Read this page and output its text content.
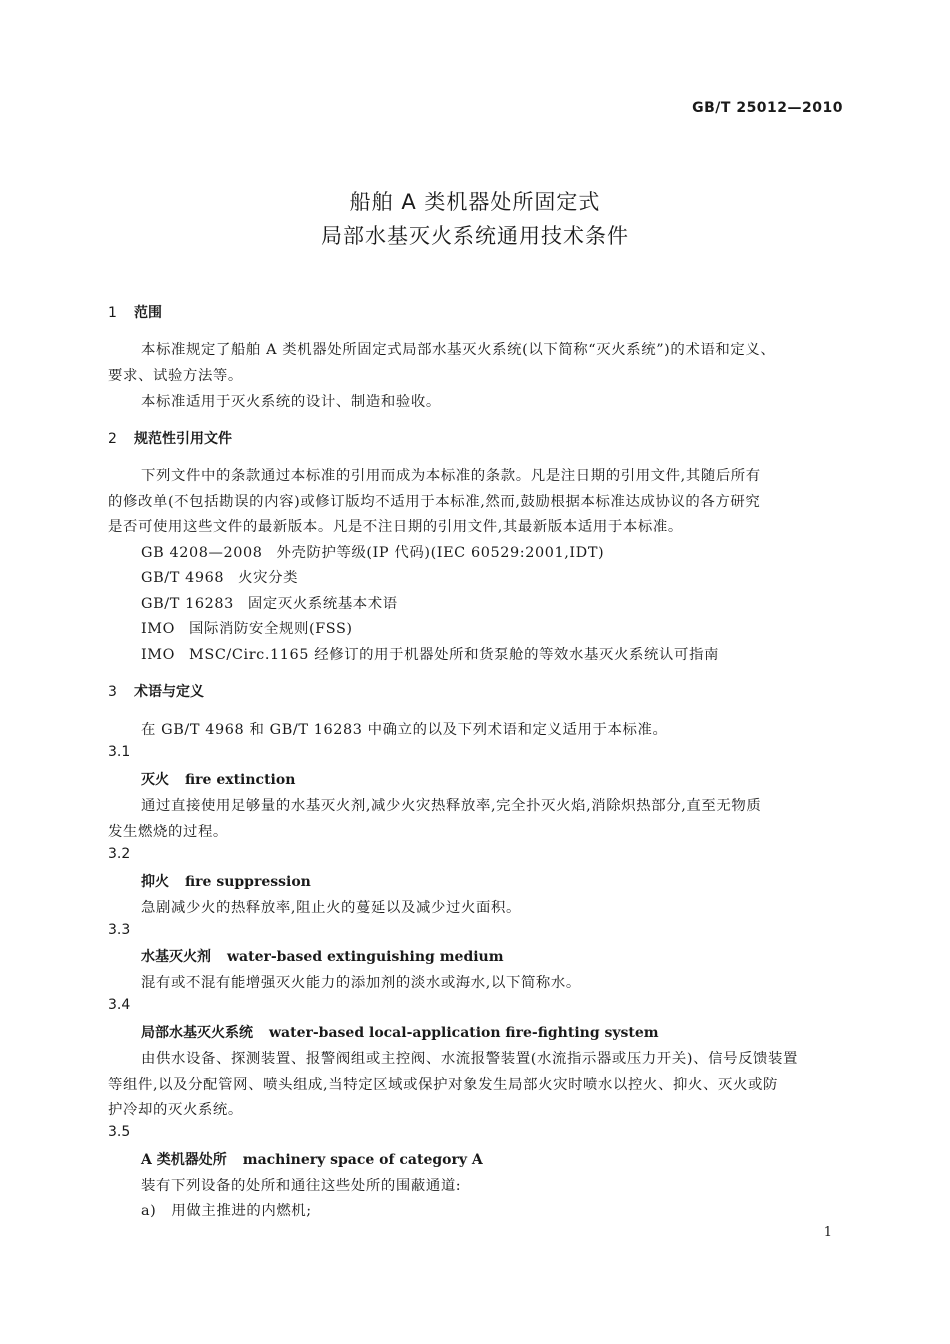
GB/T 25012—2010
船舶 A 类机器处所固定式
局部水基灭火系统通用技术条件
1 范围
本标准规定了船舶 A 类机器处所固定式局部水基灭火系统(以下简称“灭火系统”)的术语和定义、
要求、试验方法等。
本标准适用于灭火系统的设计、制造和验收。
2 规范性引用文件
下列文件中的条款通过本标准的引用而成为本标准的条款。凡是注日期的引用文件,其随后所有
的修改单(不包括勘误的内容)或修订版均不适用于本标准,然而,鼓励根据本标准达成协议的各方研究
是否可使用这些文件的最新版本。凡是不注日期的引用文件,其最新版本适用于本标准。
GB 4208—2008 外壳防护等级(IP 代码)(IEC 60529:2001,IDT)
GB/T 4968 火灾分类
GB/T 16283 固定灭火系统基本术语
IMO 国际消防安全规则(FSS)
IMO MSC/Circ.1165 经修订的用于机器处所和货泵舱的等效水基灭火系统认可指南
3 术语与定义
在 GB/T 4968 和 GB/T 16283 中确立的以及下列术语和定义适用于本标准。
3.1
灭火 fire extinction
通过直接使用足够量的水基灭火剂,减少火灾热释放率,完全扑灭火焰,消除炽热部分,直至无物质
发生燃烧的过程。
3.2
抑火 fire suppression
急剧减少火的热释放率,阻止火的蔓延以及减少过火面积。
3.3
水基灭火剂 water-based extinguishing medium
混有或不混有能增强灭火能力的添加剂的淡水或海水,以下简称水。
3.4
局部水基灭火系统 water-based local-application fire-fighting system
由供水设备、探测装置、报警阀组或主控阀、水流报警装置(水流指示器或压力开关)、信号反馈装置
等组件,以及分配管网、喷头组成,当特定区域或保护对象发生局部火灾时喷水以控火、抑火、灭火或防
护冷却的灭火系统。
3.5
A 类机器处所 machinery space of category A
装有下列设备的处所和通往这些处所的围蔽通道:
a)　用做主推进的内燃机;
1
